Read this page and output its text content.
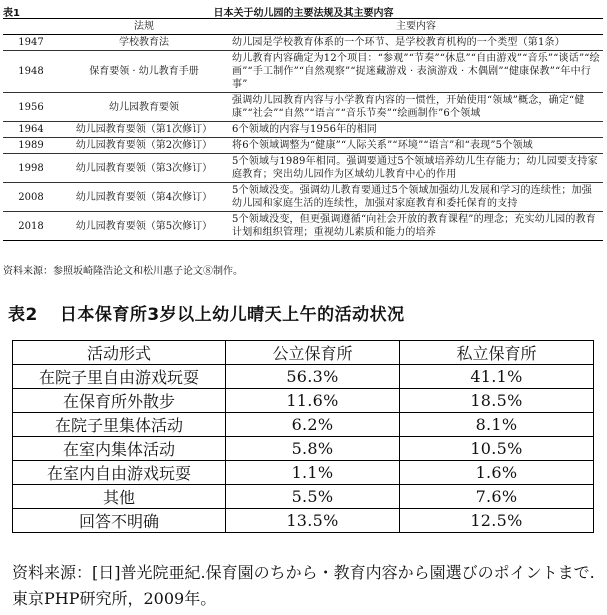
表1	日本关于幼儿园的主要法规及其主要内容
	法规	主要内容
1947	学校教育法	幼儿园是学校教育体系的一个环节、是学校教育机构的一个类型（第1条）
1948	保育要领 · 幼儿教育手册	幼儿教育内容确定为12个项目：“参观”“节奏”“休息”“自由游戏”“音乐”“谈话”“绘画”“手工制作”“自然观察”“捉迷藏游戏 · 表演游戏 · 木偶剧”“健康保教”“年中行事”
1956	幼儿园教育要领	强调幼儿园教育内容与小学教育内容的一惯性，开始使用“领域”概念，确定“健康”“社会”“自然”“语言”“音乐节奏”“绘画制作”6个领域
1964	幼儿园教育要领（第1次修订）	6个领域的内容与1956年的相同
1989	幼儿园教育要领（第2次修订）	将6个领域调整为“健康”“人际关系”“环境”“语言”和“表现”5个领域
1998	幼儿园教育要领（第3次修订）	5个领域与1989年相同。强调要通过5个领域培养幼儿生存能力；幼儿园要支持家庭教育；突出幼儿园作为区域幼儿教育中心的作用
2008	幼儿园教育要领（第4次修订）	5个领域没变。强调幼儿教育要通过5个领域加强幼儿发展和学习的连续性；加强幼儿园和家庭生活的连续性，加强对家庭教育和委托保育的支持
2018	幼儿园教育要领（第5次修订）	5个领域没变，但更强调遵循“向社会开放的教育课程”的理念；充实幼儿园的教育计划和组织管理；重视幼儿素质和能力的培养
资料来源：参照坂崎隆浩论文和松川惠子论文⑧制作。
表2 日本保育所3岁以上幼儿晴天上午的活动状况
活动形式	公立保育所	私立保育所
在院子里自由游戏玩耍	56.3%	41.1%
在保育所外散步	11.6%	18.5%
在院子里集体活动	6.2%	8.1%
在室内集体活动	5.8%	10.5%
在室内自由游戏玩耍	1.1%	1.6%
其他	5.5%	7.6%
回答不明确	13.5%	12.5%
资料来源：[日]普光院亜紀.保育園のちから・教育内容から園選びのポイントまで.東京PHP研究所，2009年。
